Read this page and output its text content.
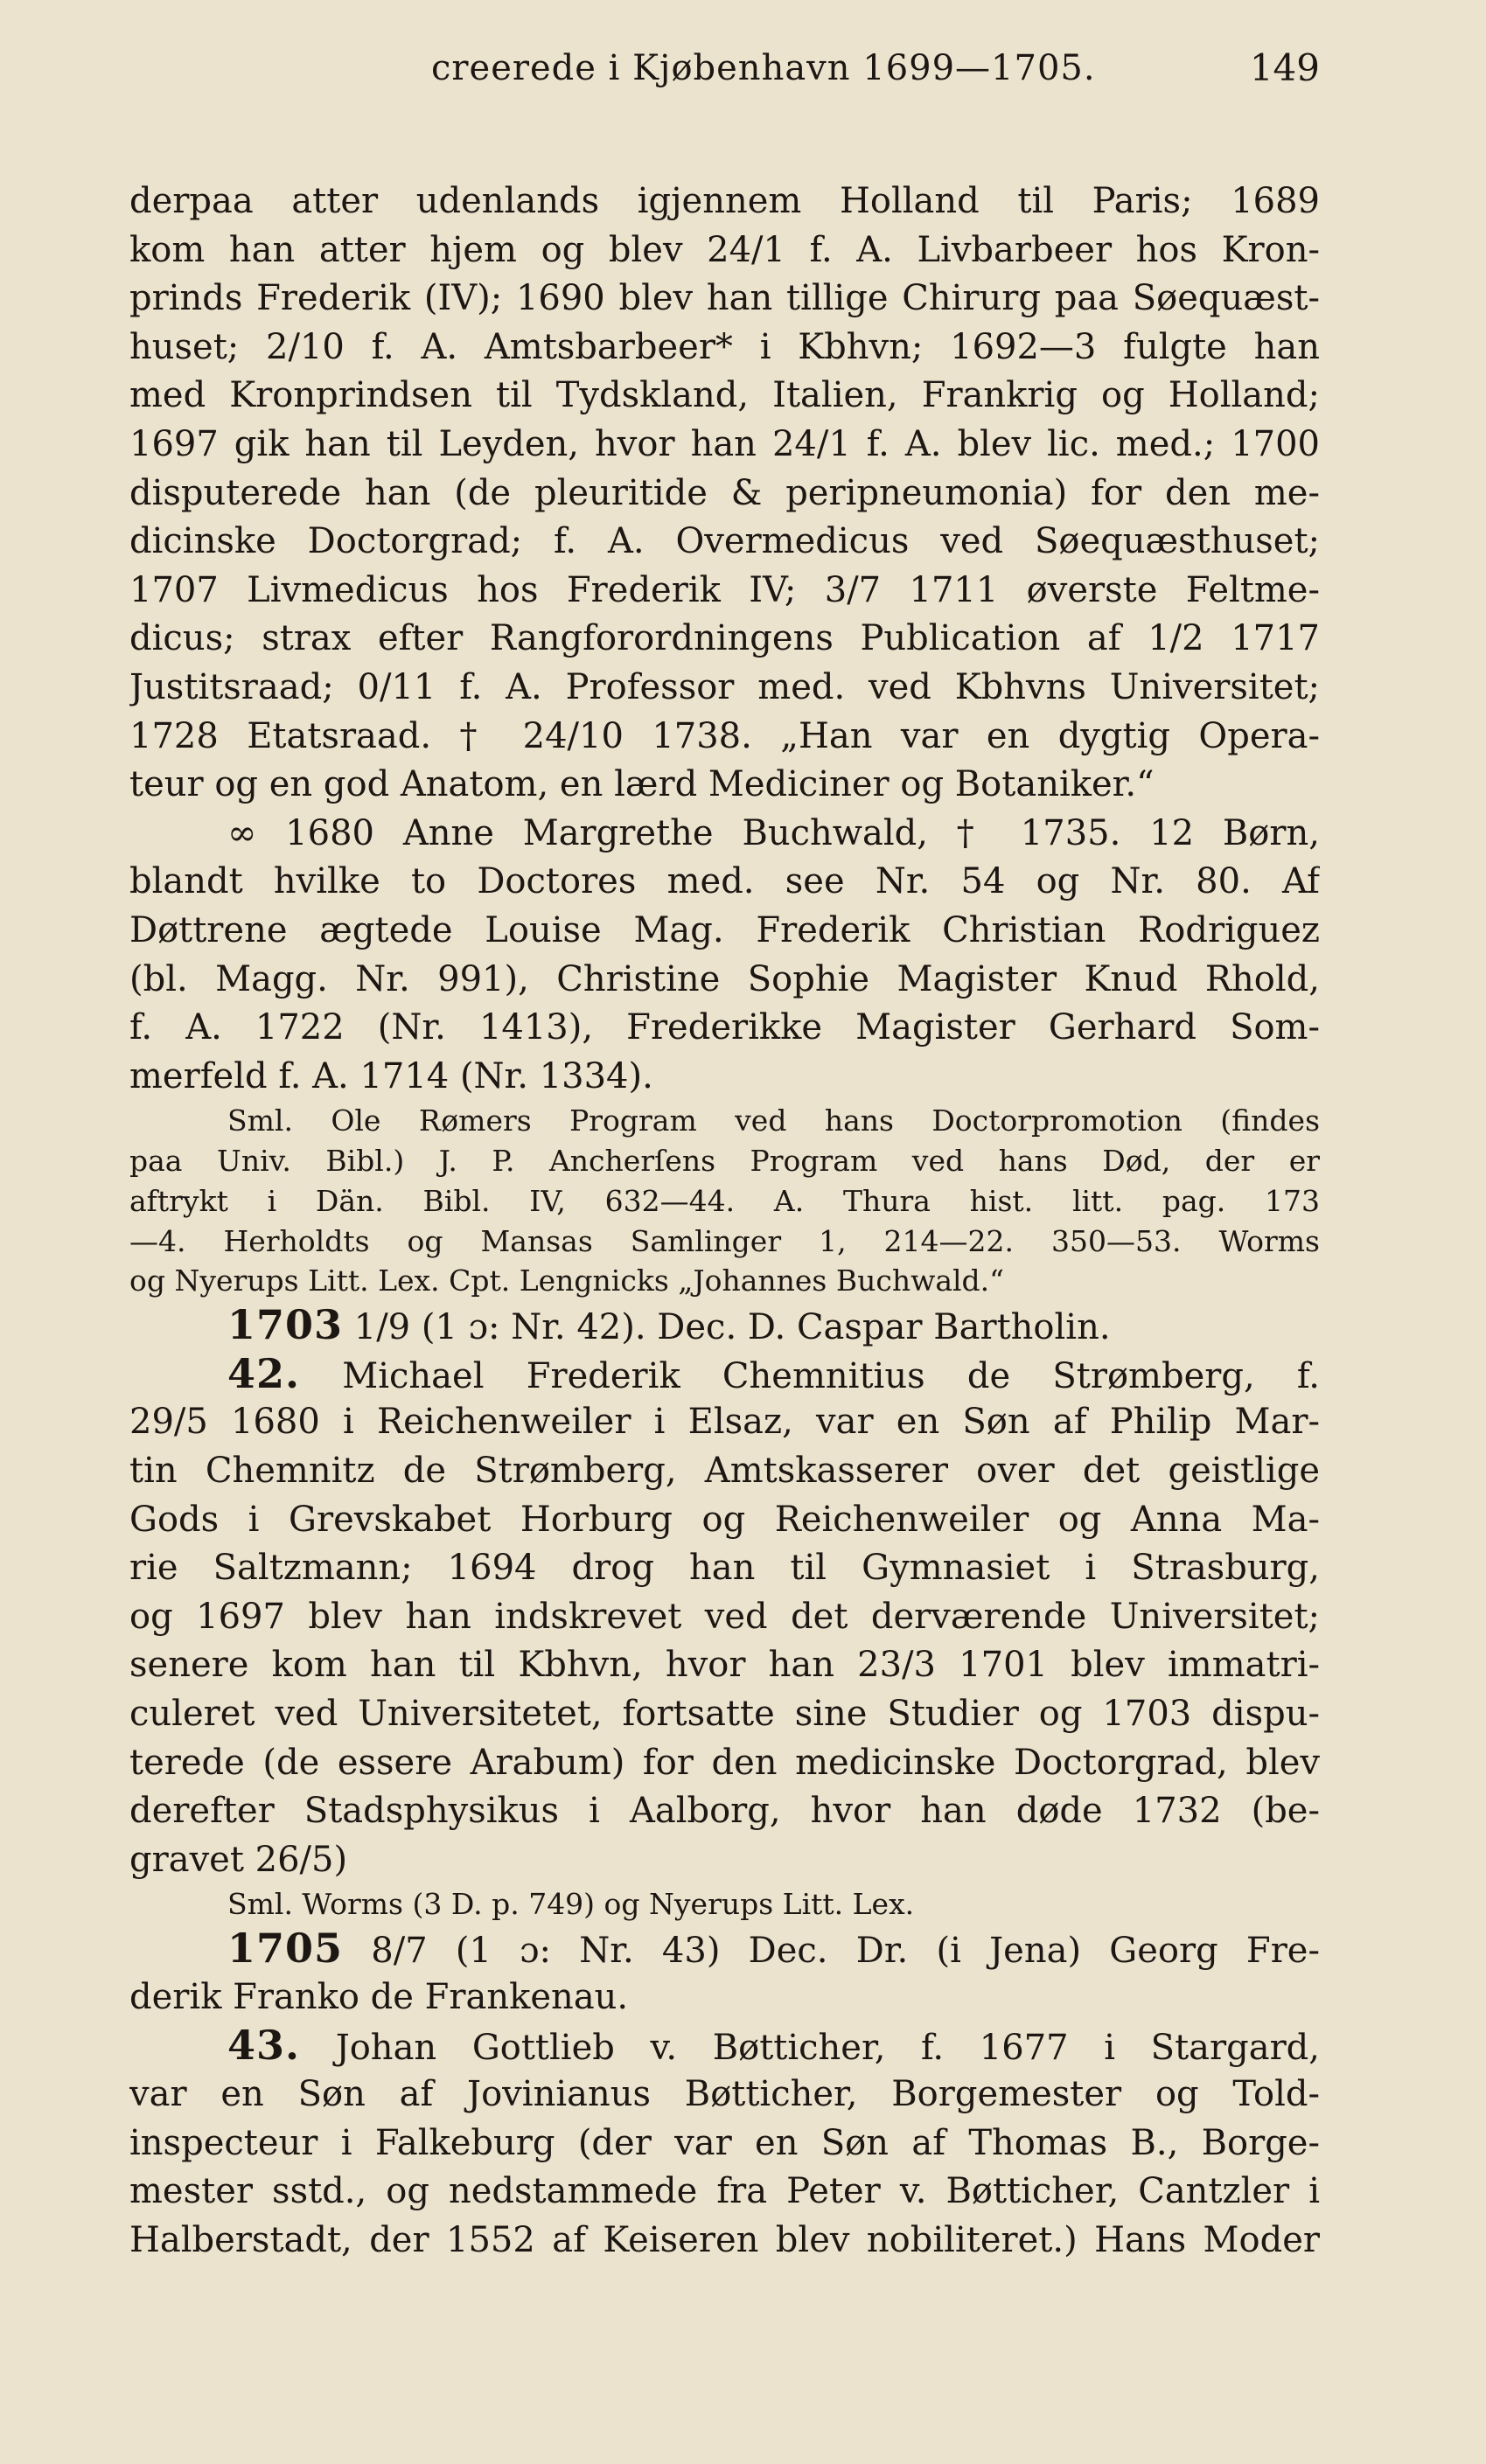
creerede i Kjøbenhavn 1699—1705.	149
derpaa atter udenlands igjennem Holland til Paris; 1689
kom han atter hjem og blev 24/1 f. A. Livbarbeer hos Kron-
prinds Frederik (IV); 1690 blev han tillige Chirurg paa Søequæst-
huset; 2/10 f. A. Amtsbarbeer* i Kbhvn; 1692—3 fulgte han
med Kronprindsen til Tydskland, Italien, Frankrig og Holland;
1697 gik han til Leyden, hvor han 24/1 f. A. blev lic. med.; 1700
disputerede han (de pleuritide & peripneumonia) for den me-
dicinske Doctorgrad; f. A. Overmedicus ved Søequæsthuset;
1707 Livmedicus hos Frederik IV; 3/7 1711 øverste Feltme-
dicus; strax efter Rangforordningens Publication af 1/2 1717
Justitsraad; 0/11 f. A. Professor med. ved Kbhvns Universitet;
1728 Etatsraad. † 24/10 1738. „Han var en dygtig Opera-
teur og en god Anatom, en lærd Mediciner og Botaniker.“
∞ 1680 Anne Margrethe Buchwald, † 1735. 12 Børn,
blandt hvilke to Doctores med. see Nr. 54 og Nr. 80. Af
Døttrene ægtede Louise Mag. Frederik Christian Rodriguez
(bl. Magg. Nr. 991), Christine Sophie Magister Knud Rhold,
f. A. 1722 (Nr. 1413), Frederikke Magister Gerhard Som-
merfeld f. A. 1714 (Nr. 1334).
Sml. Ole Rømers Program ved hans Doctorpromotion (findes
paa Univ. Bibl.) J. P. Ancherſens Program ved hans Død, der er
aftrykt i Dän. Bibl. IV, 632—44. A. Thura hist. litt. pag. 173
—4. Herholdts og Mansas Samlinger 1, 214—22. 350—53. Worms
og Nyerups Litt. Lex. Cpt. Lengnicks „Johannes Buchwald.“
1703 1/9 (1 ɔ: Nr. 42). Dec. D. Caspar Bartholin.
42. Michael Frederik Chemnitius de Strømberg, f.
29/5 1680 i Reichenweiler i Elsaz, var en Søn af Philip Mar-
tin Chemnitz de Strømberg, Amtskasserer over det geistlige
Gods i Grevskabet Horburg og Reichenweiler og Anna Ma-
rie Saltzmann; 1694 drog han til Gymnasiet i Strasburg,
og 1697 blev han indskrevet ved det derværende Universitet;
senere kom han til Kbhvn, hvor han 23/3 1701 blev immatri-
culeret ved Universitetet, fortsatte sine Studier og 1703 dispu-
terede (de essere Arabum) for den medicinske Doctorgrad, blev
derefter Stadsphysikus i Aalborg, hvor han døde 1732 (be-
gravet 26/5)
Sml. Worms (3 D. p. 749) og Nyerups Litt. Lex.
1705 8/7 (1 ɔ: Nr. 43) Dec. Dr. (i Jena) Georg Fre-
derik Franko de Frankenau.
43. Johan Gottlieb v. Bøtticher, f. 1677 i Stargard,
var en Søn af Jovinianus Bøtticher, Borgemester og Told-
inspecteur i Falkeburg (der var en Søn af Thomas B., Borge-
mester sstd., og nedstammede fra Peter v. Bøtticher, Cantzler i
Halberstadt, der 1552 af Keiseren blev nobiliteret.) Hans Moder
